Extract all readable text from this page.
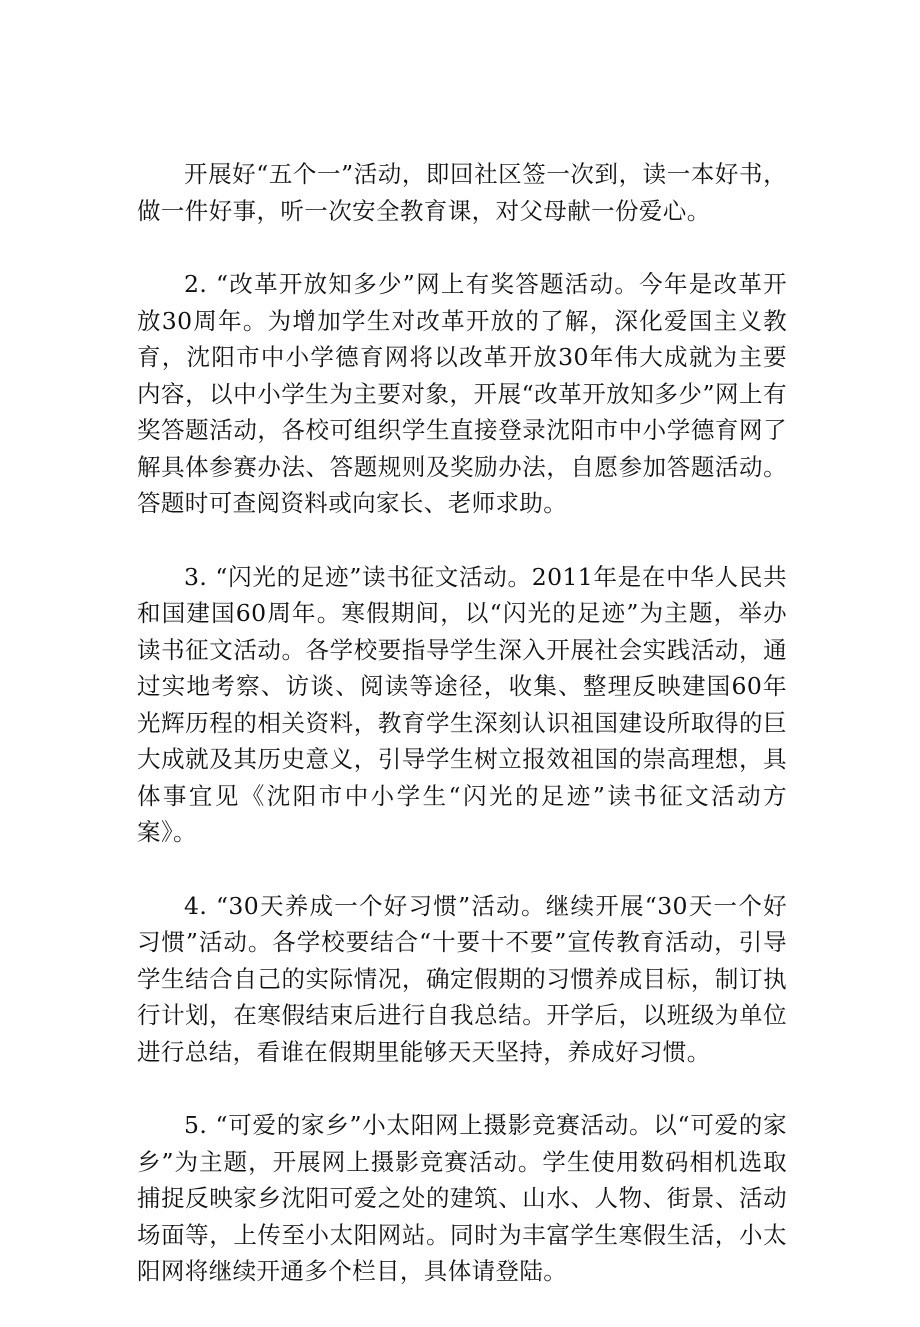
开展好“五个一”活动，即回社区签一次到，读一本好书，做一件好事，听一次安全教育课，对父母献一份爱心。

2. “改革开放知多少”网上有奖答题活动。今年是改革开放30周年。为增加学生对改革开放的了解，深化爱国主义教育，沈阳市中小学德育网将以改革开放30年伟大成就为主要内容，以中小学生为主要对象，开展“改革开放知多少”网上有奖答题活动，各校可组织学生直接登录沈阳市中小学德育网了解具体参赛办法、答题规则及奖励办法，自愿参加答题活动。答题时可查阅资料或向家长、老师求助。

3. “闪光的足迹”读书征文活动。2011年是在中华人民共和国建国60周年。寒假期间，以“闪光的足迹”为主题，举办读书征文活动。各学校要指导学生深入开展社会实践活动，通过实地考察、访谈、阅读等途径，收集、整理反映建国60年光辉历程的相关资料，教育学生深刻认识祖国建设所取得的巨大成就及其历史意义，引导学生树立报效祖国的崇高理想，具体事宜见《沈阳市中小学生“闪光的足迹”读书征文活动方案》。

4. “30天养成一个好习惯”活动。继续开展“30天一个好习惯”活动。各学校要结合“十要十不要”宣传教育活动，引导学生结合自己的实际情况，确定假期的习惯养成目标，制订执行计划，在寒假结束后进行自我总结。开学后，以班级为单位进行总结，看谁在假期里能够天天坚持，养成好习惯。

5. “可爱的家乡”小太阳网上摄影竞赛活动。以“可爱的家乡”为主题，开展网上摄影竞赛活动。学生使用数码相机选取捕捉反映家乡沈阳可爱之处的建筑、山水、人物、街景、活动场面等，上传至小太阳网站。同时为丰富学生寒假生活，小太阳网将继续开通多个栏目，具体请登陆。
